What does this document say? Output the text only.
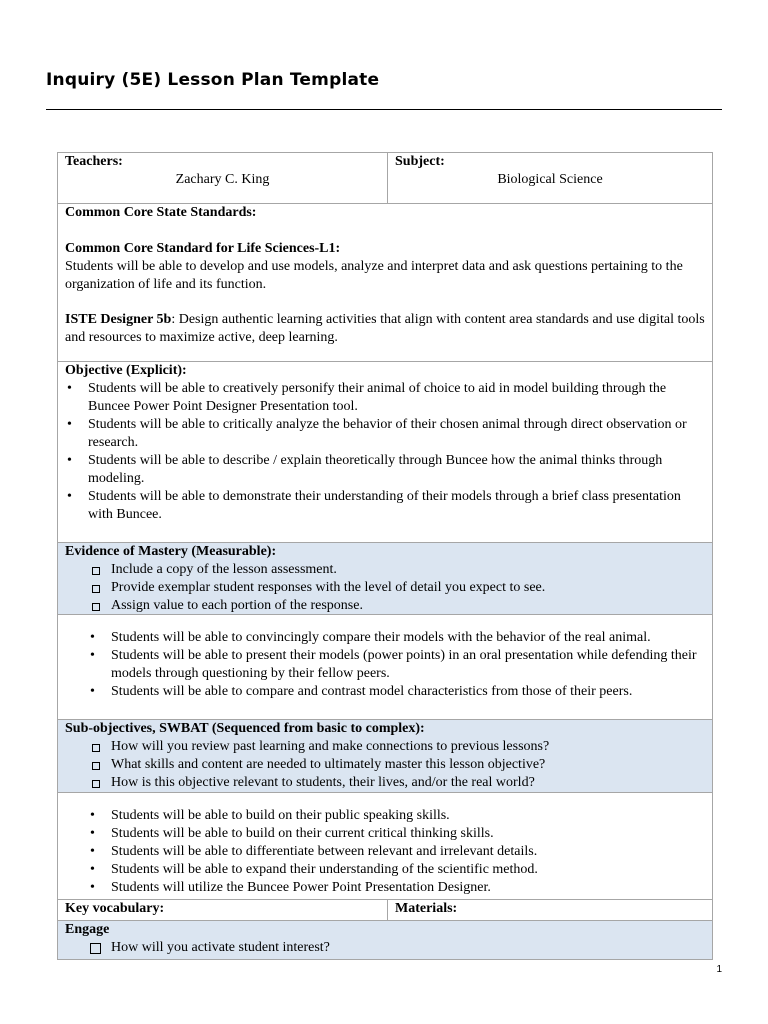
Inquiry (5E) Lesson Plan Template
Teachers:
Zachary C. King
Subject:
Biological Science
Common Core State Standards:
Common Core Standard for Life Sciences-L1:
Students will be able to develop and use models, analyze and interpret data and ask questions pertaining to the organization of life and its function.
ISTE Designer 5b: Design authentic learning activities that align with content area standards and use digital tools and resources to maximize active, deep learning.
Objective (Explicit):
• Students will be able to creatively personify their animal of choice to aid in model building through the Buncee Power Point Designer Presentation tool.
• Students will be able to critically analyze the behavior of their chosen animal through direct observation or research.
• Students will be able to describe / explain theoretically through Buncee how the animal thinks through modeling.
• Students will be able to demonstrate their understanding of their models through a brief class presentation with Buncee.
Evidence of Mastery (Measurable):
Include a copy of the lesson assessment.
Provide exemplar student responses with the level of detail you expect to see.
Assign value to each portion of the response.
• Students will be able to convincingly compare their models with the behavior of the real animal.
• Students will be able to present their models (power points) in an oral presentation while defending their models through questioning by their fellow peers.
• Students will be able to compare and contrast model characteristics from those of their peers.
Sub-objectives, SWBAT (Sequenced from basic to complex):
How will you review past learning and make connections to previous lessons?
What skills and content are needed to ultimately master this lesson objective?
How is this objective relevant to students, their lives, and/or the real world?
• Students will be able to build on their public speaking skills.
• Students will be able to build on their current critical thinking skills.
• Students will be able to differentiate between relevant and irrelevant details.
• Students will be able to expand their understanding of the scientific method.
• Students will utilize the Buncee Power Point Presentation Designer.
Key vocabulary:	Materials:
Engage
How will you activate student interest?
1
